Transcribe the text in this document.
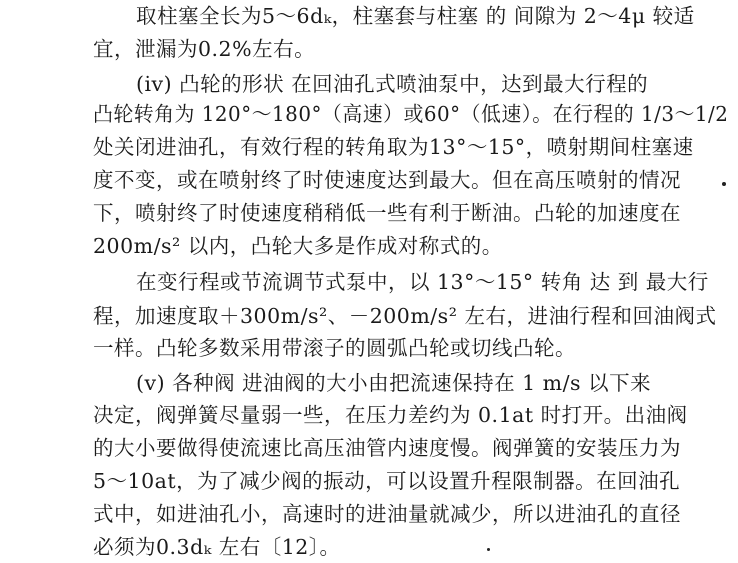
取柱塞全长为5～6dₖ，柱塞套与柱塞 的 间隙为 2～4μ 较适
宜，泄漏为0.2%左右。
(iv) 凸轮的形状 在回油孔式喷油泵中，达到最大行程的
凸轮转角为 120°～180°（高速）或60°（低速）。在行程的 1/3～1/2
处关闭进油孔，有效行程的转角取为13°～15°，喷射期间柱塞速
度不变，或在喷射终了时使速度达到最大。但在高压喷射的情况
下，喷射终了时使速度稍稍低一些有利于断油。凸轮的加速度在
200m/s² 以内，凸轮大多是作成对称式的。
在变行程或节流调节式泵中，以 13°～15° 转角 达 到 最大行
程，加速度取＋300m/s²、－200m/s² 左右，进油行程和回油阀式
一样。凸轮多数采用带滚子的圆弧凸轮或切线凸轮。
(v) 各种阀 进油阀的大小由把流速保持在 1 m/s 以下来
决定，阀弹簧尽量弱一些，在压力差约为 0.1at 时打开。出油阀
的大小要做得使流速比高压油管内速度慢。阀弹簧的安装压力为
5～10at，为了减少阀的振动，可以设置升程限制器。在回油孔
式中，如进油孔小，高速时的进油量就减少，所以进油孔的直径
必须为0.3dₖ 左右〔12〕。
